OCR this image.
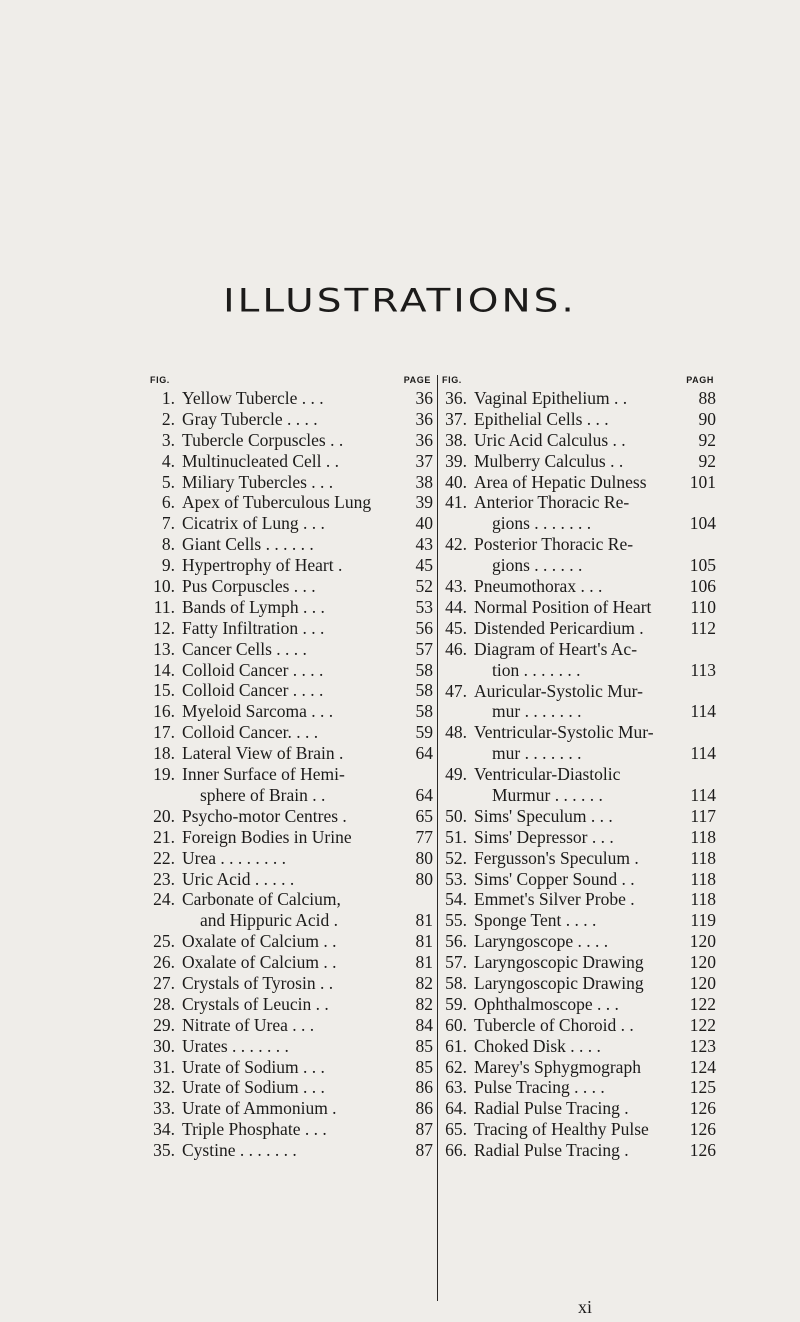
ILLUSTRATIONS.
FIG.	PAGE
1. Yellow Tubercle . . .	36
2. Gray Tubercle . . . .	36
3. Tubercle Corpuscles . .	36
4. Multinucleated Cell . .	37
5. Miliary Tubercles . . .	38
6. Apex of Tuberculous Lung	39
7. Cicatrix of Lung . . .	40
8. Giant Cells . . . . . .	43
9. Hypertrophy of Heart .	45
10. Pus Corpuscles . . .	52
11. Bands of Lymph . . .	53
12. Fatty Infiltration . . .	56
13. Cancer Cells . . . .	57
14. Colloid Cancer . . . .	58
15. Colloid Cancer . . . .	58
16. Myeloid Sarcoma . . .	58
17. Colloid Cancer. . . .	59
18. Lateral View of Brain .	64
19. Inner Surface of Hemi-
sphere of Brain . .	64
20. Psycho-motor Centres .	65
21. Foreign Bodies in Urine	77
22. Urea . . . . . . . .	80
23. Uric Acid . . . . .	80
24. Carbonate of Calcium,
and Hippuric Acid .	81
25. Oxalate of Calcium . .	81
26. Oxalate of Calcium . .	81
27. Crystals of Tyrosin . .	82
28. Crystals of Leucin . .	82
29. Nitrate of Urea . . .	84
30. Urates . . . . . . .	85
31. Urate of Sodium . . .	85
32. Urate of Sodium . . .	86
33. Urate of Ammonium .	86
34. Triple Phosphate . . .	87
35. Cystine . . . . . . .	87
FIG.	PAGH
36. Vaginal Epithelium . .	88
37. Epithelial Cells . . .	90
38. Uric Acid Calculus . .	92
39. Mulberry Calculus . .	92
40. Area of Hepatic Dulness 101
41. Anterior Thoracic Re-
gions . . . . . . .	104
42. Posterior Thoracic Re-
gions . . . . . .	105
43. Pneumothorax . . .	106
44. Normal Position of Heart 110
45. Distended Pericardium .	112
46. Diagram of Heart's Ac-
tion . . . . . . .	113
47. Auricular-Systolic Mur-
mur . . . . . . .	114
48. Ventricular-Systolic Mur-
mur . . . . . . .	114
49. Ventricular-Diastolic
Murmur . . . . . .	114
50. Sims' Speculum . . .	117
51. Sims' Depressor . . .	118
52. Fergusson's Speculum .	118
53. Sims' Copper Sound . .	118
54. Emmet's Silver Probe .	118
55. Sponge Tent . . . .	119
56. Laryngoscope . . . .	120
57. Laryngoscopic Drawing	120
58. Laryngoscopic Drawing	120
59. Ophthalmoscope . . .	122
60. Tubercle of Choroid . .	122
61. Choked Disk . . . .	123
62. Marey's Sphygmograph	124
63. Pulse Tracing . . . .	125
64. Radial Pulse Tracing .	126
65. Tracing of Healthy Pulse 126
66. Radial Pulse Tracing .	126
xi
